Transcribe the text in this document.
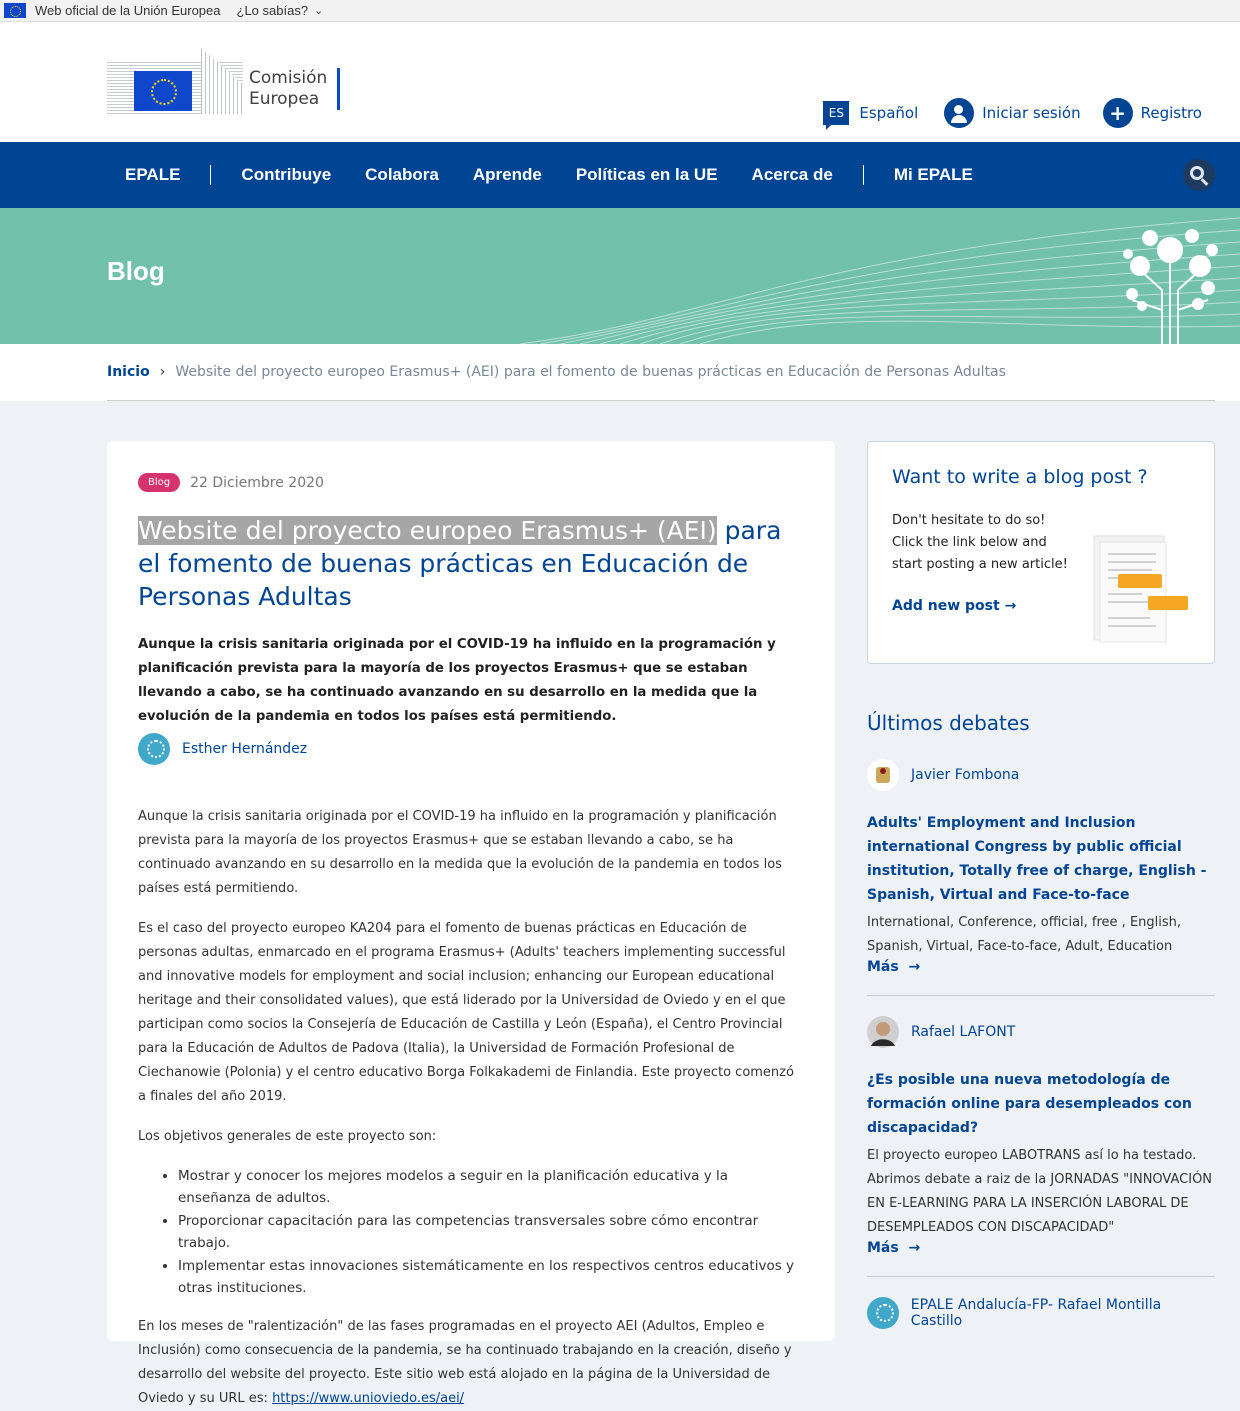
Web oficial de la Unión Europea ¿Lo sabías? ⌄
Comisión
Europea
ES	Español	Iniciar sesión	+ Registro
EPALE	Contribuye	Colabora	Aprende	Políticas en la UE	Acerca de	Mi EPALE
Blog
Inicio › Website del proyecto europeo Erasmus+ (AEI) para el fomento de buenas prácticas en Educación de Personas Adultas
Blog	22 Diciembre 2020
Website del proyecto europeo Erasmus+ (AEI) para el fomento de buenas prácticas en Educación de Personas Adultas
Aunque la crisis sanitaria originada por el COVID-19 ha influido en la programación y planificación prevista para la mayoría de los proyectos Erasmus+ que se estaban llevando a cabo, se ha continuado avanzando en su desarrollo en la medida que la evolución de la pandemia en todos los países está permitiendo.
Esther Hernández

Aunque la crisis sanitaria originada por el COVID-19 ha influido en la programación y planificación prevista para la mayoría de los proyectos Erasmus+ que se estaban llevando a cabo, se ha continuado avanzando en su desarrollo en la medida que la evolución de la pandemia en todos los países está permitiendo.

Es el caso del proyecto europeo KA204 para el fomento de buenas prácticas en Educación de personas adultas, enmarcado en el programa Erasmus+ (Adults' teachers implementing successful and innovative models for employment and social inclusion; enhancing our European educational heritage and their consolidated values), que está liderado por la Universidad de Oviedo y en el que participan como socios la Consejería de Educación de Castilla y León (España), el Centro Provincial para la Educación de Adultos de Padova (Italia), la Universidad de Formación Profesional de Ciechanowie (Polonia) y el centro educativo Borga Folkakademi de Finlandia. Este proyecto comenzó a finales del año 2019.

Los objetivos generales de este proyecto son:

• Mostrar y conocer los mejores modelos a seguir en la planificación educativa y la enseñanza de adultos.
• Proporcionar capacitación para las competencias transversales sobre cómo encontrar trabajo.
• Implementar estas innovaciones sistemáticamente en los respectivos centros educativos y otras instituciones.

En los meses de "ralentización" de las fases programadas en el proyecto AEI (Adultos, Empleo e Inclusión) como consecuencia de la pandemia, se ha continuado trabajando en la creación, diseño y desarrollo del website del proyecto. Este sitio web está alojado en la página de la Universidad de Oviedo y su URL es: https://www.unioviedo.es/aei/

Want to write a blog post ?

Don't hesitate to do so! Click the link below and start posting a new article!

Add new post →
Últimos debates
Javier Fombona
Adults' Employment and Inclusion international Congress by public official institution, Totally free of charge, English - Spanish, Virtual and Face-to-face
International, Conference, official, free , English, Spanish, Virtual, Face-to-face, Adult, Education
Más →
Rafael LAFONT
¿Es posible una nueva metodología de formación online para desempleados con discapacidad?
El proyecto europeo LABOTRANS así lo ha testado. Abrimos debate a raiz de la JORNADAS "INNOVACIÓN EN E-LEARNING PARA LA INSERCIÓN LABORAL DE DESEMPLEADOS CON DISCAPACIDAD"
Más →
EPALE Andalucía-FP- Rafael Montilla Castillo
